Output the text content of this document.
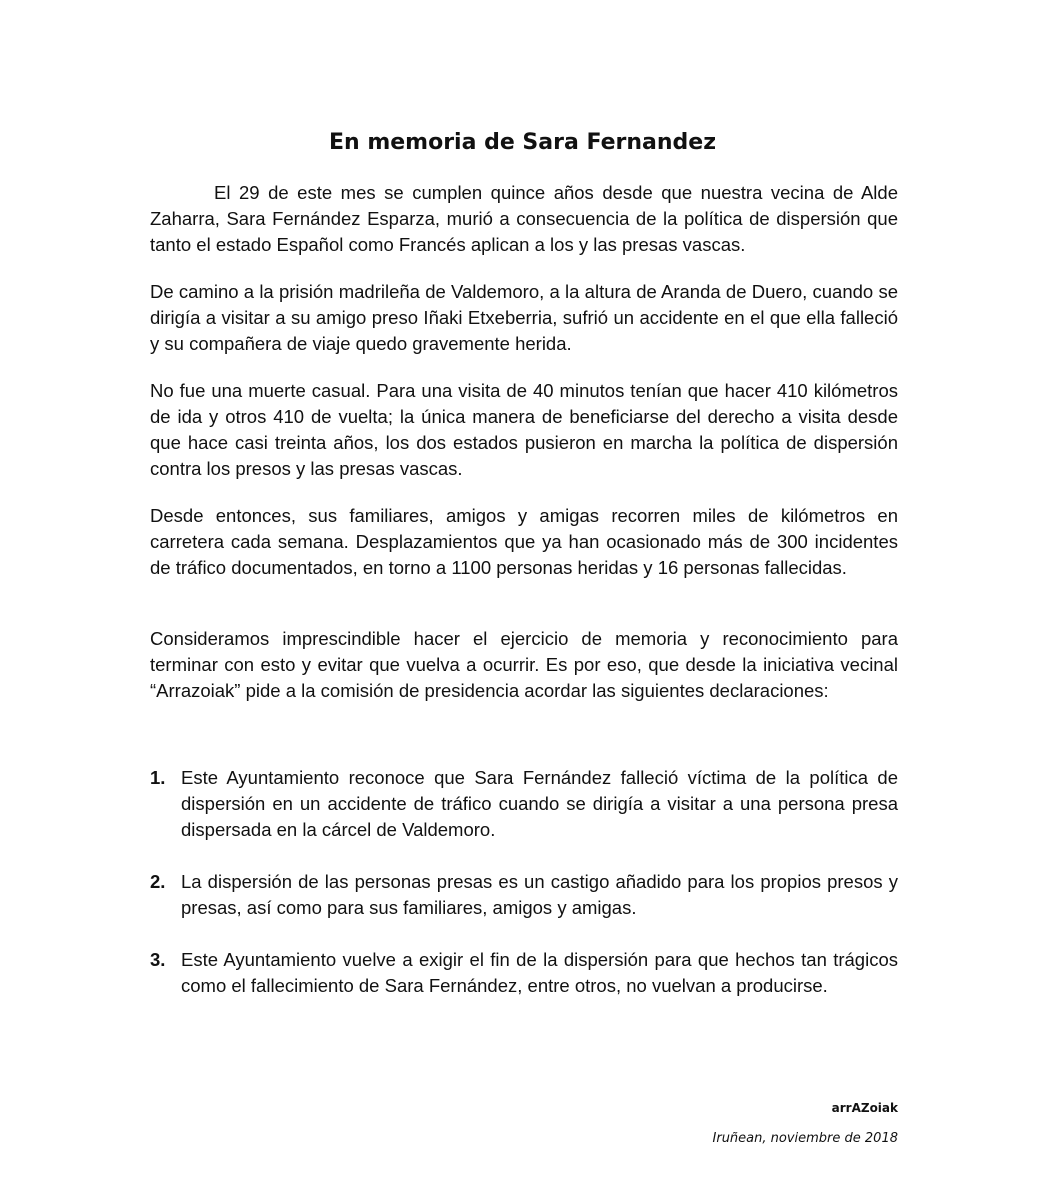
En memoria de Sara Fernandez
El 29 de este mes se cumplen quince años desde que nuestra vecina de Alde Zaharra, Sara Fernández Esparza, murió a consecuencia de la política de dispersión que tanto el estado Español como Francés aplican a los y las presas vascas.
De camino a la prisión madrileña de Valdemoro, a la altura de Aranda de Duero, cuando se dirigía a visitar a su amigo preso Iñaki Etxeberria, sufrió un accidente en el que ella falleció y su compañera de viaje quedo gravemente herida.
No fue una muerte casual. Para una visita de 40 minutos tenían que hacer 410 kilómetros de ida y otros 410 de vuelta; la única manera de beneficiarse del derecho a visita desde que hace casi treinta años, los dos estados pusieron en marcha la política de dispersión contra los presos y las presas vascas.
Desde entonces, sus familiares, amigos y amigas recorren miles de kilómetros en carretera cada semana. Desplazamientos que ya han ocasionado más de 300 incidentes de tráfico documentados, en torno a 1100 personas heridas y 16 personas fallecidas.
Consideramos imprescindible hacer el ejercicio de memoria y reconocimiento para terminar con esto y evitar que vuelva a ocurrir. Es por eso, que desde la iniciativa vecinal “Arrazoiak” pide a la comisión de presidencia acordar las siguientes declaraciones:
1. Este Ayuntamiento reconoce que Sara Fernández falleció víctima de la política de dispersión en un accidente de tráfico cuando se dirigía a visitar a una persona presa dispersada en la cárcel de Valdemoro.
2. La dispersión de las personas presas es un castigo añadido para los propios presos y presas, así como para sus familiares, amigos y amigas.
3. Este Ayuntamiento vuelve a exigir el fin de la dispersión para que hechos tan trágicos como el fallecimiento de Sara Fernández, entre otros, no vuelvan a producirse.
arrAZoiak
Iruñean, noviembre de 2018
